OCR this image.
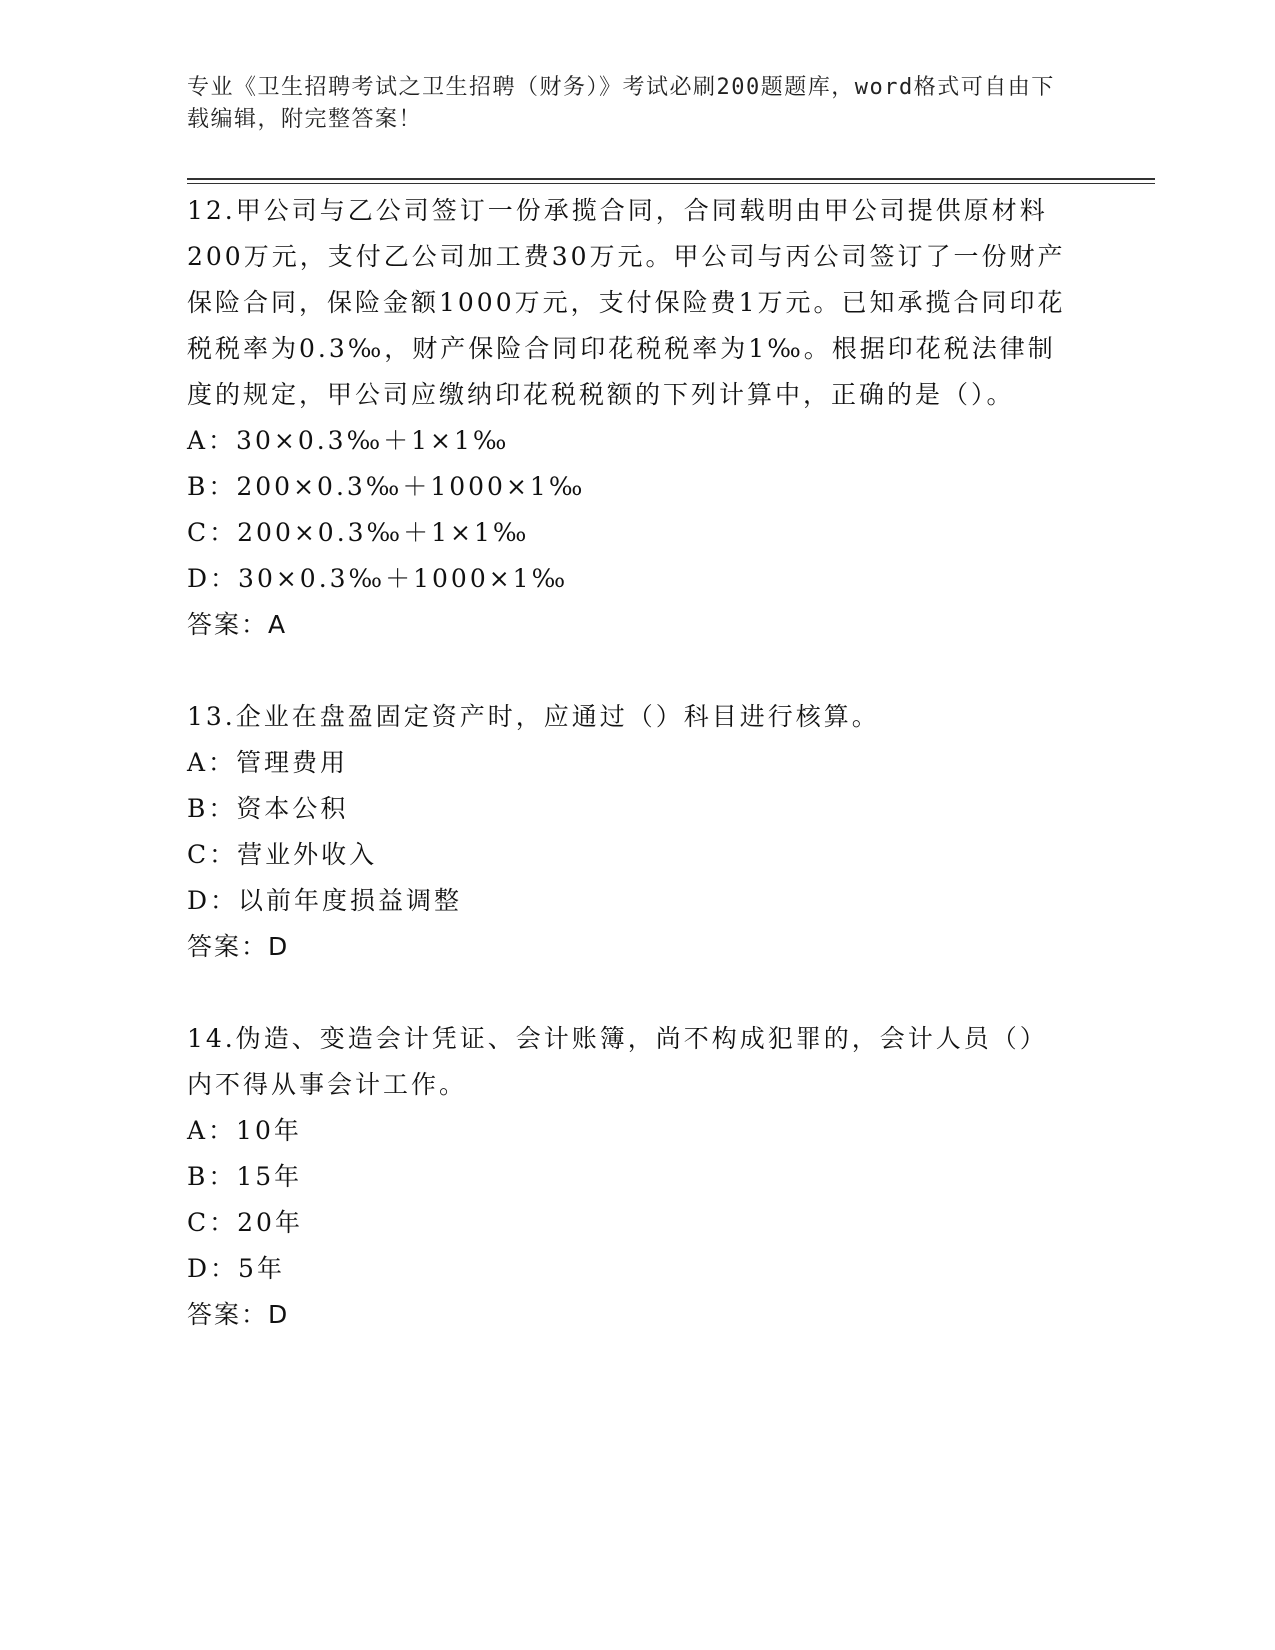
专业《卫生招聘考试之卫生招聘（财务）》考试必刷200题题库，word格式可自由下载编辑，附完整答案！

12.甲公司与乙公司签订一份承揽合同，合同载明由甲公司提供原材料200万元，支付乙公司加工费30万元。甲公司与丙公司签订了一份财产保险合同，保险金额1000万元，支付保险费1万元。已知承揽合同印花税税率为0.3‰，财产保险合同印花税税率为1‰。根据印花税法律制度的规定，甲公司应缴纳印花税税额的下列计算中，正确的是（）。

A：30×0.3‰＋1×1‰

B：200×0.3‰＋1000×1‰

C：200×0.3‰＋1×1‰

D：30×0.3‰＋1000×1‰

答案：A

13.企业在盘盈固定资产时，应通过（）科目进行核算。

A：管理费用

B：资本公积

C：营业外收入

D：以前年度损益调整

答案：D

14.伪造、变造会计凭证、会计账簿，尚不构成犯罪的，会计人员（）内不得从事会计工作。

A：10年

B：15年

C：20年

D：5年

答案：D
